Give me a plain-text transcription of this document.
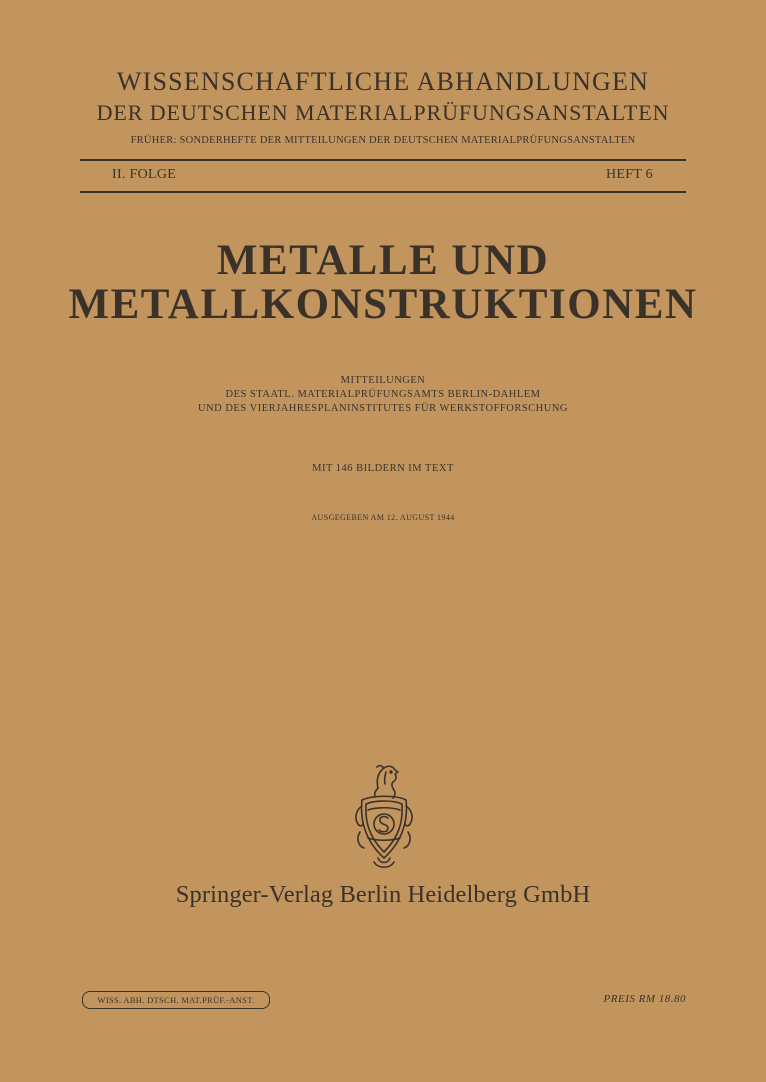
WISSENSCHAFTLICHE ABHANDLUNGEN
DER DEUTSCHEN MATERIALPRÜFUNGSANSTALTEN
FRÜHER: SONDERHEFTE DER MITTEILUNGEN DER DEUTSCHEN MATERIALPRÜFUNGSANSTALTEN
II. FOLGE	HEFT 6
METALLE UND
METALLKONSTRUKTIONEN
MITTEILUNGEN
DES STAATL. MATERIALPRÜFUNGSAMTS BERLIN-DAHLEM
UND DES VIERJAHRESPLANINSTITUTES FÜR WERKSTOFFORSCHUNG
MIT 146 BILDERN IM TEXT
AUSGEGEBEN AM 12. AUGUST 1944
Springer-Verlag Berlin Heidelberg GmbH
WISS. ABH. DTSCH. MAT.PRÜF.-ANST.	PREIS RM 18.80
